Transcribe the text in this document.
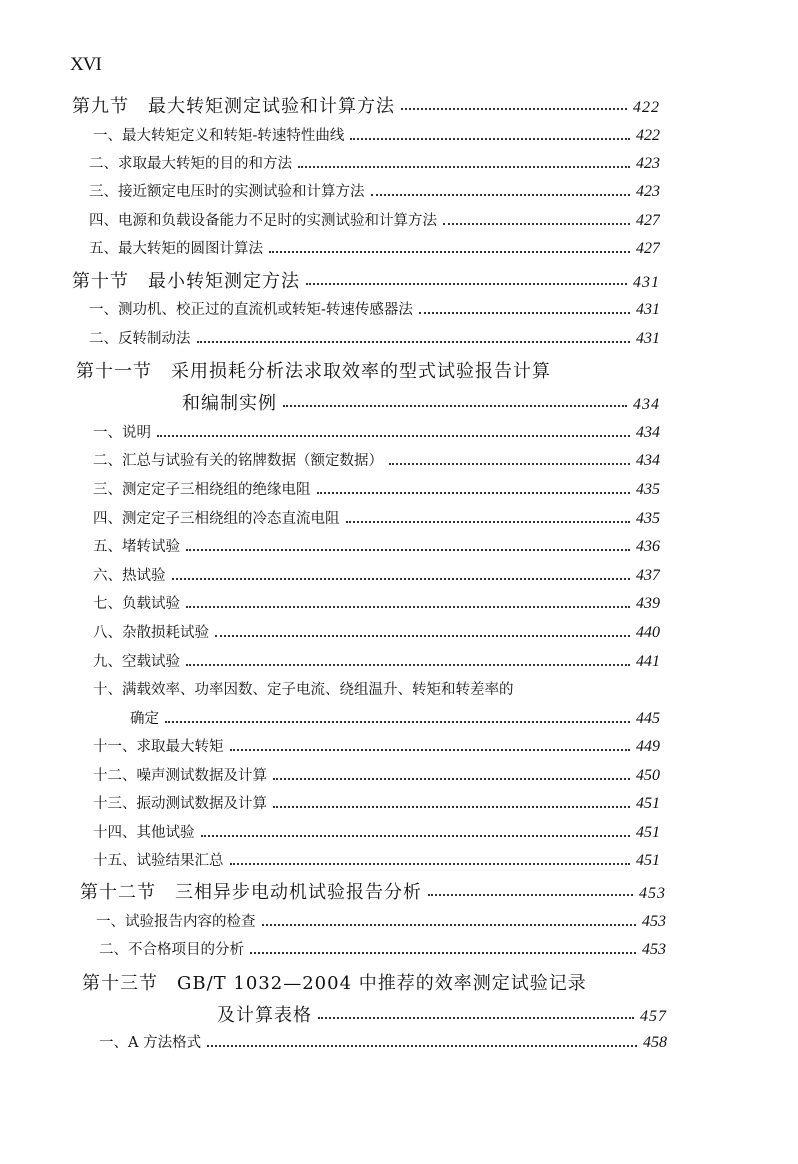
XVI
第九节　最大转矩测定试验和计算方法	422
一、最大转矩定义和转矩-转速特性曲线	422
二、求取最大转矩的目的和方法	423
三、接近额定电压时的实测试验和计算方法	423
四、电源和负载设备能力不足时的实测试验和计算方法	427
五、最大转矩的圆图计算法	427
第十节　最小转矩测定方法	431
一、测功机、校正过的直流机或转矩-转速传感器法	431
二、反转制动法	431
第十一节　采用损耗分析法求取效率的型式试验报告计算
和编制实例	434
一、说明	434
二、汇总与试验有关的铭牌数据（额定数据）	434
三、测定定子三相绕组的绝缘电阻	435
四、测定定子三相绕组的冷态直流电阻	435
五、堵转试验	436
六、热试验	437
七、负载试验	439
八、杂散损耗试验	440
九、空载试验	441
十、满载效率、功率因数、定子电流、绕组温升、转矩和转差率的
确定	445
十一、求取最大转矩	449
十二、噪声测试数据及计算	450
十三、振动测试数据及计算	451
十四、其他试验	451
十五、试验结果汇总	451
第十二节　三相异步电动机试验报告分析	453
一、试验报告内容的检查	453
二、不合格项目的分析	453
第十三节　GB/T 1032—2004 中推荐的效率测定试验记录
及计算表格	457
一、A 方法格式	458
